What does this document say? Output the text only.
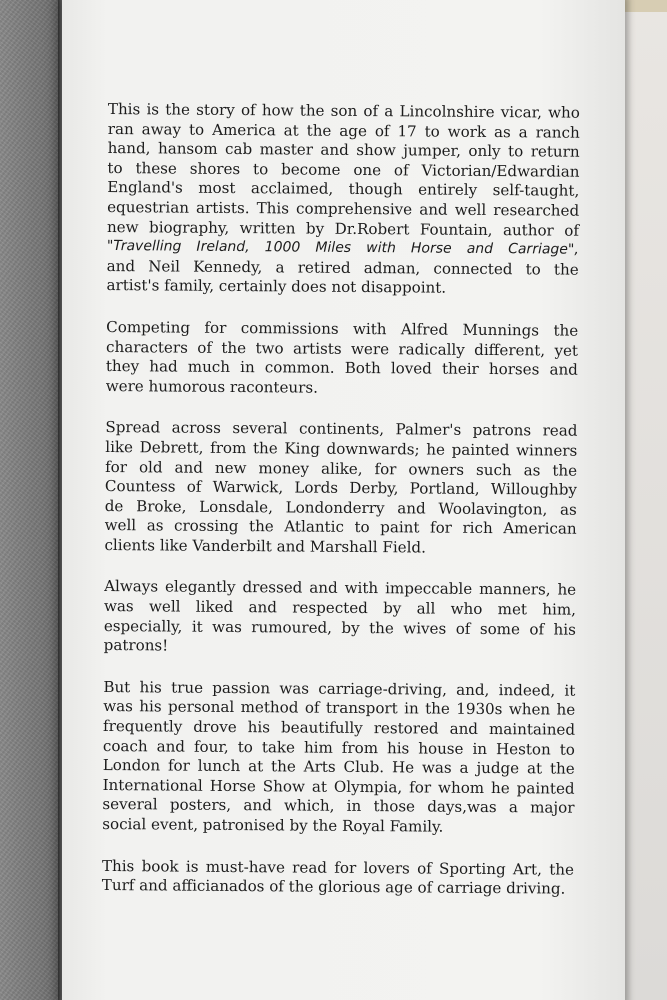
This is the story of how the son of a Lincolnshire vicar, who
ran away to America at the age of 17 to work as a ranch
hand, hansom cab master and show jumper, only to return
to these shores to become one of Victorian/Edwardian
England's most acclaimed, though entirely self-taught,
equestrian artists. This comprehensive and well researched
new biography, written by Dr.Robert Fountain, author of
"Travelling Ireland, 1000 Miles with Horse and Carriage",
and Neil Kennedy, a retired adman, connected to the
artist's family, certainly does not disappoint.
Competing for commissions with Alfred Munnings the
characters of the two artists were radically different, yet
they had much in common. Both loved their horses and
were humorous raconteurs.
Spread across several continents, Palmer's patrons read
like Debrett, from the King downwards; he painted winners
for old and new money alike, for owners such as the
Countess of Warwick, Lords Derby, Portland, Willoughby
de Broke, Lonsdale, Londonderry and Woolavington, as
well as crossing the Atlantic to paint for rich American
clients like Vanderbilt and Marshall Field.
Always elegantly dressed and with impeccable manners, he
was well liked and respected by all who met him,
especially, it was rumoured, by the wives of some of his
patrons!
But his true passion was carriage-driving, and, indeed, it
was his personal method of transport in the 1930s when he
frequently drove his beautifully restored and maintained
coach and four, to take him from his house in Heston to
London for lunch at the Arts Club. He was a judge at the
International Horse Show at Olympia, for whom he painted
several posters, and which, in those days,was a major
social event, patronised by the Royal Family.
This book is must-have read for lovers of Sporting Art, the
Turf and afficianados of the glorious age of carriage driving.
